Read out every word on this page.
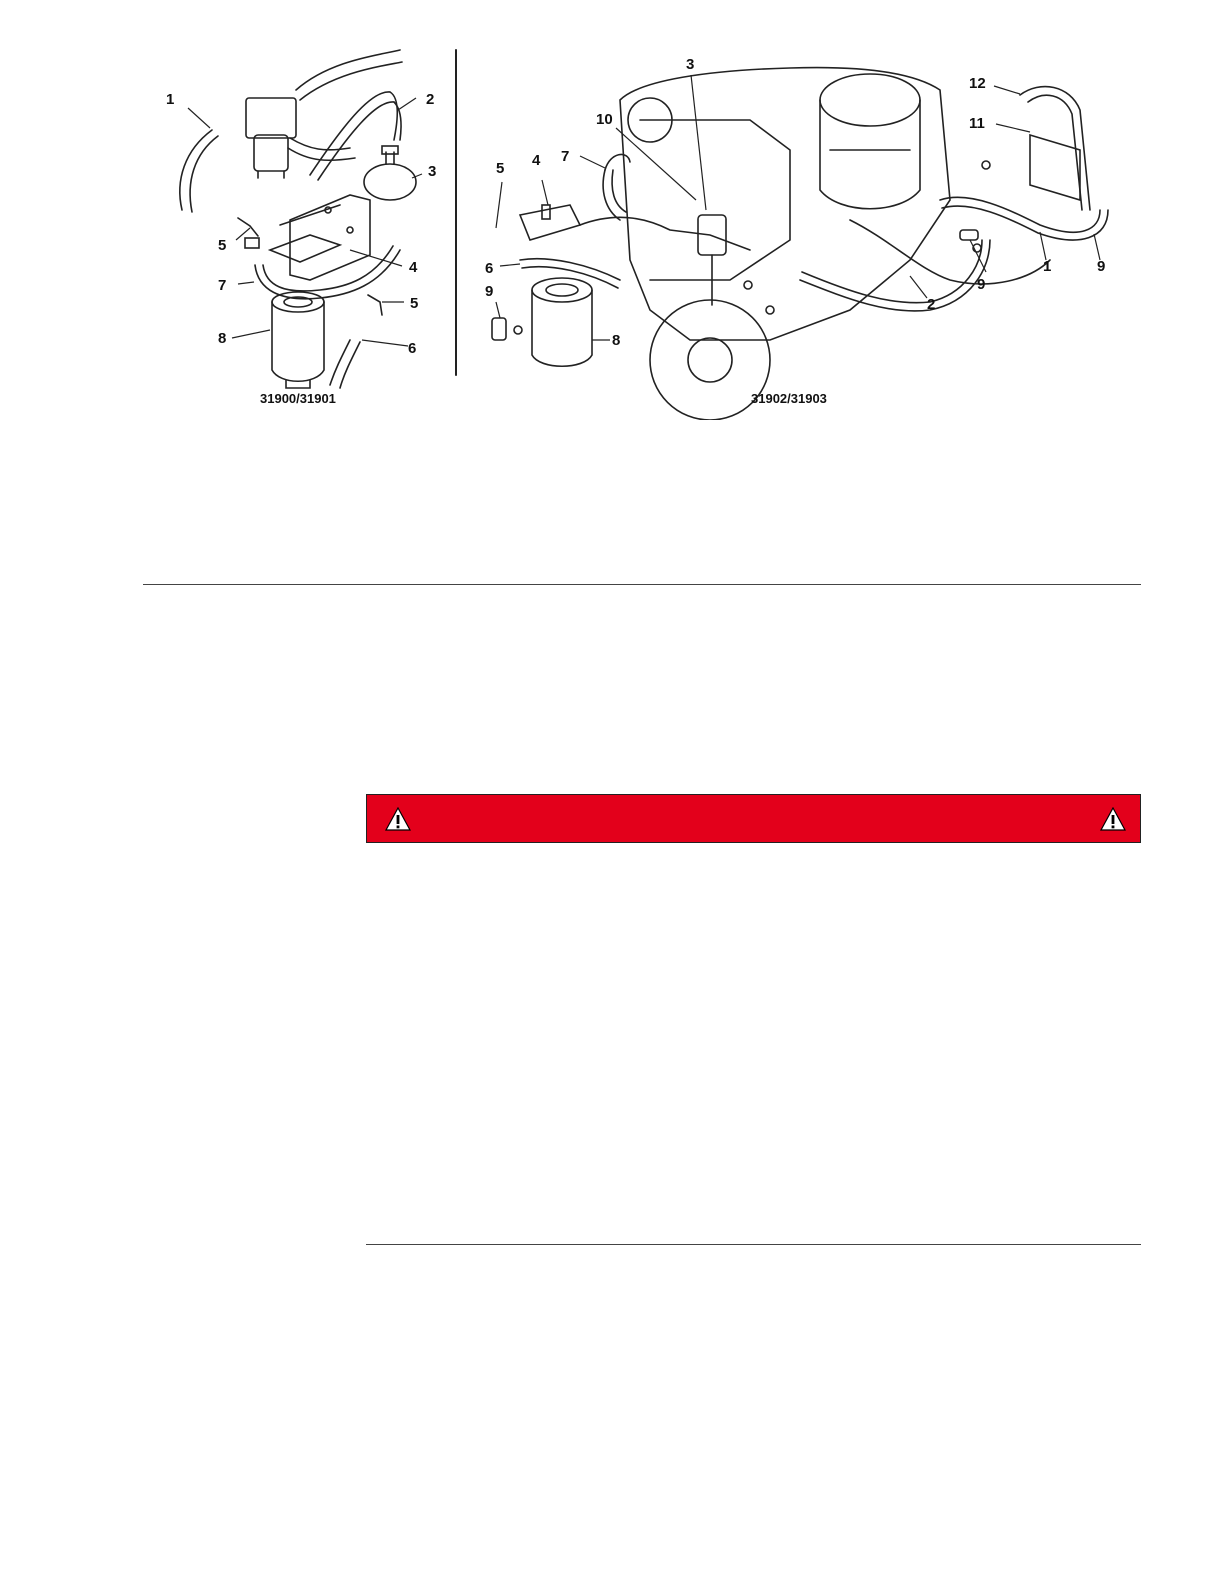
1	2
3
5
4
7
5
8
6
3
10
7
4
5
12
11
6	1	9
9
2
9
8
31900/31901	31902/31903
